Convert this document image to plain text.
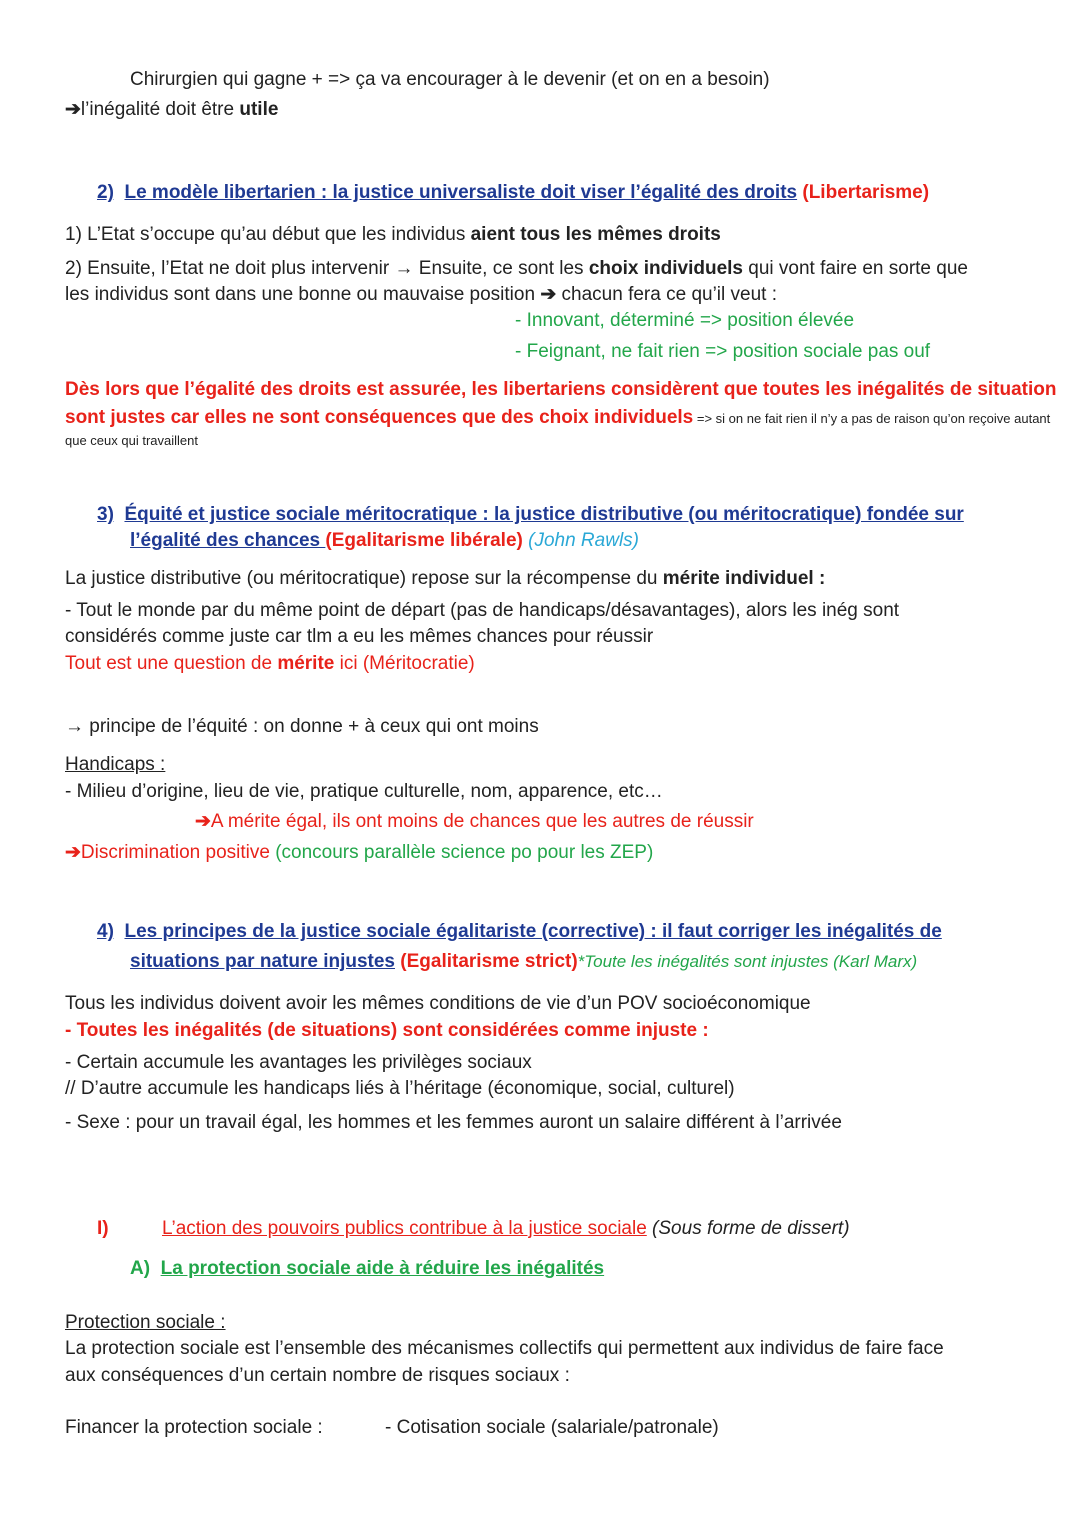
Chirurgien qui gagne + => ça va encourager à le devenir (et on en a besoin)
➔l’inégalité doit être utile
2) Le modèle libertarien : la justice universaliste doit viser l’égalité des droits (Libertarisme)
1) L’Etat s’occupe qu’au début que les individus aient tous les mêmes droits
2) Ensuite, l’Etat ne doit plus intervenir → Ensuite, ce sont les choix individuels qui vont faire en sorte que
les individus sont dans une bonne ou mauvaise position ➔ chacun fera ce qu’il veut :
- Innovant, déterminé => position élevée
- Feignant, ne fait rien => position sociale pas ouf
Dès lors que l’égalité des droits est assurée, les libertariens considèrent que toutes les inégalités de situation
sont justes car elles ne sont conséquences que des choix individuels => si on ne fait rien il n’y a pas de raison qu’on reçoive autant
que ceux qui travaillent
3) Équité et justice sociale méritocratique : la justice distributive (ou méritocratique) fondée sur
l’égalité des chances (Egalitarisme libérale) (John Rawls)
La justice distributive (ou méritocratique) repose sur la récompense du mérite individuel :
- Tout le monde par du même point de départ (pas de handicaps/désavantages), alors les inég sont
considérés comme juste car tlm a eu les mêmes chances pour réussir
Tout est une question de mérite ici (Méritocratie)
→ principe de l’équité : on donne + à ceux qui ont moins
Handicaps :
- Milieu d’origine, lieu de vie, pratique culturelle, nom, apparence, etc…
➔A mérite égal, ils ont moins de chances que les autres de réussir
➔Discrimination positive (concours parallèle science po pour les ZEP)
4) Les principes de la justice sociale égalitariste (corrective) : il faut corriger les inégalités de
situations par nature injustes (Egalitarisme strict)*Toute les inégalités sont injustes (Karl Marx)
Tous les individus doivent avoir les mêmes conditions de vie d’un POV socioéconomique
- Toutes les inégalités (de situations) sont considérées comme injuste :
- Certain accumule les avantages les privilèges sociaux
// D’autre accumule les handicaps liés à l’héritage (économique, social, culturel)
- Sexe : pour un travail égal, les hommes et les femmes auront un salaire différent à l’arrivée
I)	L’action des pouvoirs publics contribue à la justice sociale (Sous forme de dissert)
A) La protection sociale aide à réduire les inégalités
Protection sociale :
La protection sociale est l’ensemble des mécanismes collectifs qui permettent aux individus de faire face
aux conséquences d’un certain nombre de risques sociaux :
Financer la protection sociale :	- Cotisation sociale (salariale/patronale)
